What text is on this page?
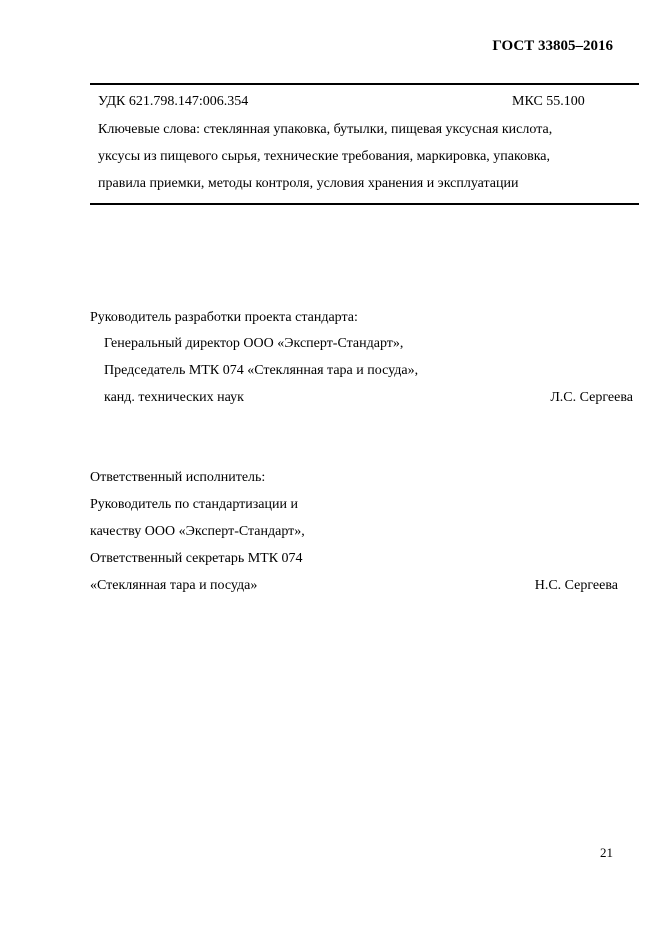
ГОСТ 33805–2016
УДК 621.798.147:006.354	МКС 55.100
Ключевые слова: стеклянная упаковка, бутылки, пищевая уксусная кислота,
уксусы из пищевого сырья, технические требования, маркировка, упаковка,
правила приемки, методы контроля, условия хранения и эксплуатации
Руководитель разработки проекта стандарта:
Генеральный директор ООО «Эксперт-Стандарт»,
Председатель МТК 074 «Стеклянная тара и посуда»,
канд. технических наук	Л.С. Сергеева
Ответственный исполнитель:
Руководитель по стандартизации и
качеству ООО «Эксперт-Стандарт»,
Ответственный секретарь МТК 074
«Стеклянная тара и посуда»	Н.С. Сергеева
21
